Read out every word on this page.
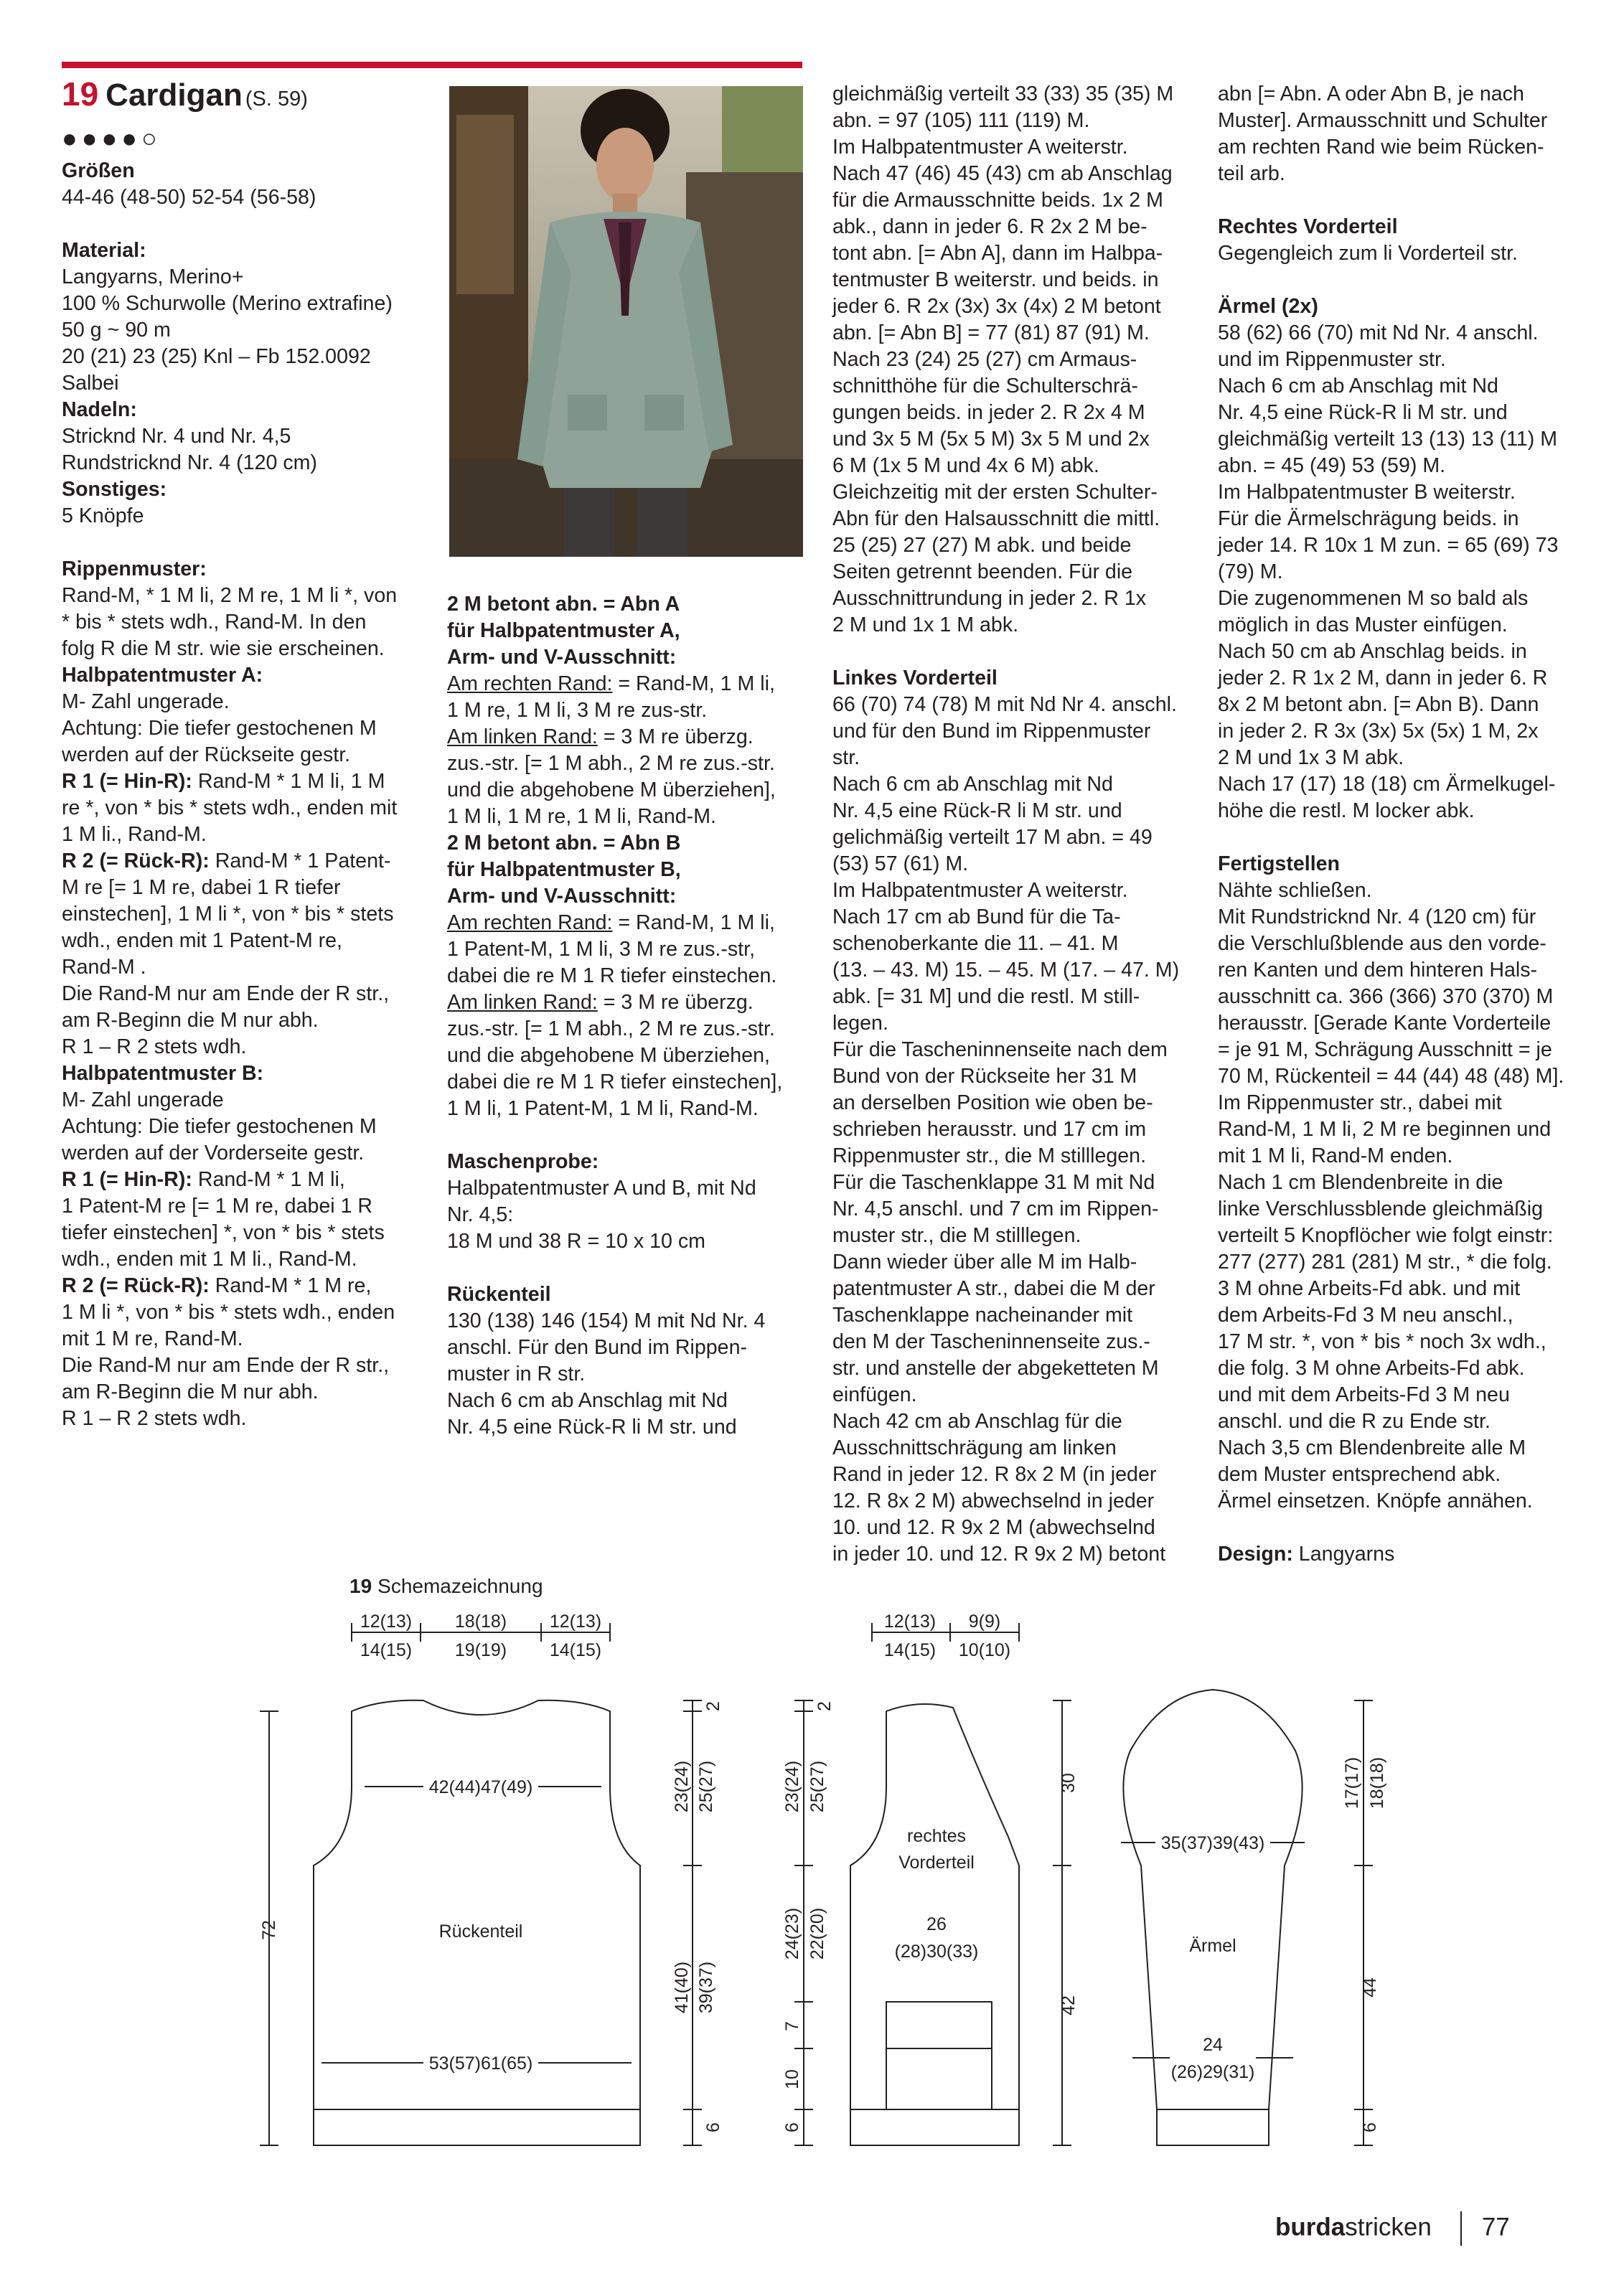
19 Cardigan (S. 59)
●●●●○
Größen
44-46 (48-50) 52-54 (56-58)
Material:
Langyarns, Merino+
100 % Schurwolle (Merino extrafine)
50 g ~ 90 m
20 (21) 23 (25) Knl – Fb 152.0092
Salbei
Nadeln:
Stricknd Nr. 4 und Nr. 4,5
Rundstricknd Nr. 4 (120 cm)
Sonstiges:
5 Knöpfe
Rippenmuster:
Rand-M, * 1 M li, 2 M re, 1 M li *, von
* bis * stets wdh., Rand-M. In den
folg R die M str. wie sie erscheinen.
Halbpatentmuster A:
M- Zahl ungerade.
Achtung: Die tiefer gestochenen M
werden auf der Rückseite gestr.
R 1 (= Hin-R): Rand-M * 1 M li, 1 M
re *, von * bis * stets wdh., enden mit
1 M li., Rand-M.
R 2 (= Rück-R): Rand-M * 1 Patent-
M re [= 1 M re, dabei 1 R tiefer
einstechen], 1 M li *, von * bis * stets
wdh., enden mit 1 Patent-M re,
Rand-M .
Die Rand-M nur am Ende der R str.,
am R-Beginn die M nur abh.
R 1 – R 2 stets wdh.
Halbpatentmuster B:
M- Zahl ungerade
Achtung: Die tiefer gestochenen M
werden auf der Vorderseite gestr.
R 1 (= Hin-R): Rand-M * 1 M li,
1 Patent-M re [= 1 M re, dabei 1 R
tiefer einstechen] *, von * bis * stets
wdh., enden mit 1 M li., Rand-M.
R 2 (= Rück-R): Rand-M * 1 M re,
1 M li *, von * bis * stets wdh., enden
mit 1 M re, Rand-M.
Die Rand-M nur am Ende der R str.,
am R-Beginn die M nur abh.
R 1 – R 2 stets wdh.
2 M betont abn. = Abn A
für Halbpatentmuster A,
Arm- und V-Ausschnitt:
Am rechten Rand: = Rand-M, 1 M li,
1 M re, 1 M li, 3 M re zus-str.
Am linken Rand: = 3 M re überzg.
zus.-str. [= 1 M abh., 2 M re zus.-str.
und die abgehobene M überziehen],
1 M li, 1 M re, 1 M li, Rand-M.
2 M betont abn. = Abn B
für Halbpatentmuster B,
Arm- und V-Ausschnitt:
Am rechten Rand: = Rand-M, 1 M li,
1 Patent-M, 1 M li, 3 M re zus.-str,
dabei die re M 1 R tiefer einstechen.
Am linken Rand: = 3 M re überzg.
zus.-str. [= 1 M abh., 2 M re zus.-str.
und die abgehobene M überziehen,
dabei die re M 1 R tiefer einstechen],
1 M li, 1 Patent-M, 1 M li, Rand-M.
Maschenprobe:
Halbpatentmuster A und B, mit Nd
Nr. 4,5:
18 M und 38 R = 10 x 10 cm
Rückenteil
130 (138) 146 (154) M mit Nd Nr. 4
anschl. Für den Bund im Rippen-
muster in R str.
Nach 6 cm ab Anschlag mit Nd
Nr. 4,5 eine Rück-R li M str. und
gleichmäßig verteilt 33 (33) 35 (35) M
abn. = 97 (105) 111 (119) M.
Im Halbpatentmuster A weiterstr.
Nach 47 (46) 45 (43) cm ab Anschlag
für die Armausschnitte beids. 1x 2 M
abk., dann in jeder 6. R 2x 2 M be-
tont abn. [= Abn A], dann im Halbpa-
tentmuster B weiterstr. und beids. in
jeder 6. R 2x (3x) 3x (4x) 2 M betont
abn. [= Abn B] = 77 (81) 87 (91) M.
Nach 23 (24) 25 (27) cm Armaus-
schnitthöhe für die Schulterschrä-
gungen beids. in jeder 2. R 2x 4 M
und 3x 5 M (5x 5 M) 3x 5 M und 2x
6 M (1x 5 M und 4x 6 M) abk.
Gleichzeitig mit der ersten Schulter-
Abn für den Halsausschnitt die mittl.
25 (25) 27 (27) M abk. und beide
Seiten getrennt beenden. Für die
Ausschnittrundung in jeder 2. R 1x
2 M und 1x 1 M abk.
Linkes Vorderteil
66 (70) 74 (78) M mit Nd Nr 4. anschl.
und für den Bund im Rippenmuster
str.
Nach 6 cm ab Anschlag mit Nd
Nr. 4,5 eine Rück-R li M str. und
gelichmäßig verteilt 17 M abn. = 49
(53) 57 (61) M.
Im Halbpatentmuster A weiterstr.
Nach 17 cm ab Bund für die Ta-
schenoberkante die 11. – 41. M
(13. – 43. M) 15. – 45. M (17. – 47. M)
abk. [= 31 M] und die restl. M still-
legen.
Für die Tascheninnenseite nach dem
Bund von der Rückseite her 31 M
an derselben Position wie oben be-
schrieben herausstr. und 17 cm im
Rippenmuster str., die M stilllegen.
Für die Taschenklappe 31 M mit Nd
Nr. 4,5 anschl. und 7 cm im Rippen-
muster str., die M stilllegen.
Dann wieder über alle M im Halb-
patentmuster A str., dabei die M der
Taschenklappe nacheinander mit
den M der Tascheninnenseite zus.-
str. und anstelle der abgeketteten M
einfügen.
Nach 42 cm ab Anschlag für die
Ausschnittschrägung am linken
Rand in jeder 12. R 8x 2 M (in jeder
12. R 8x 2 M) abwechselnd in jeder
10. und 12. R 9x 2 M (abwechselnd
in jeder 10. und 12. R 9x 2 M) betont
abn [= Abn. A oder Abn B, je nach
Muster]. Armausschnitt und Schulter
am rechten Rand wie beim Rücken-
teil arb.
Rechtes Vorderteil
Gegengleich zum li Vorderteil str.
Ärmel (2x)
58 (62) 66 (70) mit Nd Nr. 4 anschl.
und im Rippenmuster str.
Nach 6 cm ab Anschlag mit Nd
Nr. 4,5 eine Rück-R li M str. und
gleichmäßig verteilt 13 (13) 13 (11) M
abn. = 45 (49) 53 (59) M.
Im Halbpatentmuster B weiterstr.
Für die Ärmelschrägung beids. in
jeder 14. R 10x 1 M zun. = 65 (69) 73
(79) M.
Die zugenommenen M so bald als
möglich in das Muster einfügen.
Nach 50 cm ab Anschlag beids. in
jeder 2. R 1x 2 M, dann in jeder 6. R
8x 2 M betont abn. [= Abn B). Dann
in jeder 2. R 3x (3x) 5x (5x) 1 M, 2x
2 M und 1x 3 M abk.
Nach 17 (17) 18 (18) cm Ärmelkugel-
höhe die restl. M locker abk.
Fertigstellen
Nähte schließen.
Mit Rundstricknd Nr. 4 (120 cm) für
die Verschlußblende aus den vorde-
ren Kanten und dem hinteren Hals-
ausschnitt ca. 366 (366) 370 (370) M
herausstr. [Gerade Kante Vorderteile
= je 91 M, Schrägung Ausschnitt = je
70 M, Rückenteil = 44 (44) 48 (48) M].
Im Rippenmuster str., dabei mit
Rand-M, 1 M li, 2 M re beginnen und
mit 1 M li, Rand-M enden.
Nach 1 cm Blendenbreite in die
linke Verschlussblende gleichmäßig
verteilt 5 Knopflöcher wie folgt einstr:
277 (277) 281 (281) M str., * die folg.
3 M ohne Arbeits-Fd abk. und mit
dem Arbeits-Fd 3 M neu anschl.,
17 M str. *, von * bis * noch 3x wdh.,
die folg. 3 M ohne Arbeits-Fd abk.
und mit dem Arbeits-Fd 3 M neu
anschl. und die R zu Ende str.
Nach 3,5 cm Blendenbreite alle M
dem Muster entsprechend abk.
Ärmel einsetzen. Knöpfe annähen.
Design: Langyarns
19 Schemazeichnung
12(13)
14(15)
18(18)
19(19)
12(13)
14(15)
42(44)47(49)
Rückenteil
53(57)61(65)
72
2
23(24) 25(27)
41(40) 39(37)
6
12(13)
14(15)
9(9)
10(10)
rechtes
Vorderteil
26
(28)30(33)
2
23(24) 25(27)
24(23) 22(20)
7
10
6
30
42
35(37)39(43)
Ärmel
24
(26)29(31)
17(17) 18(18)
44
6
burdastricken 77
